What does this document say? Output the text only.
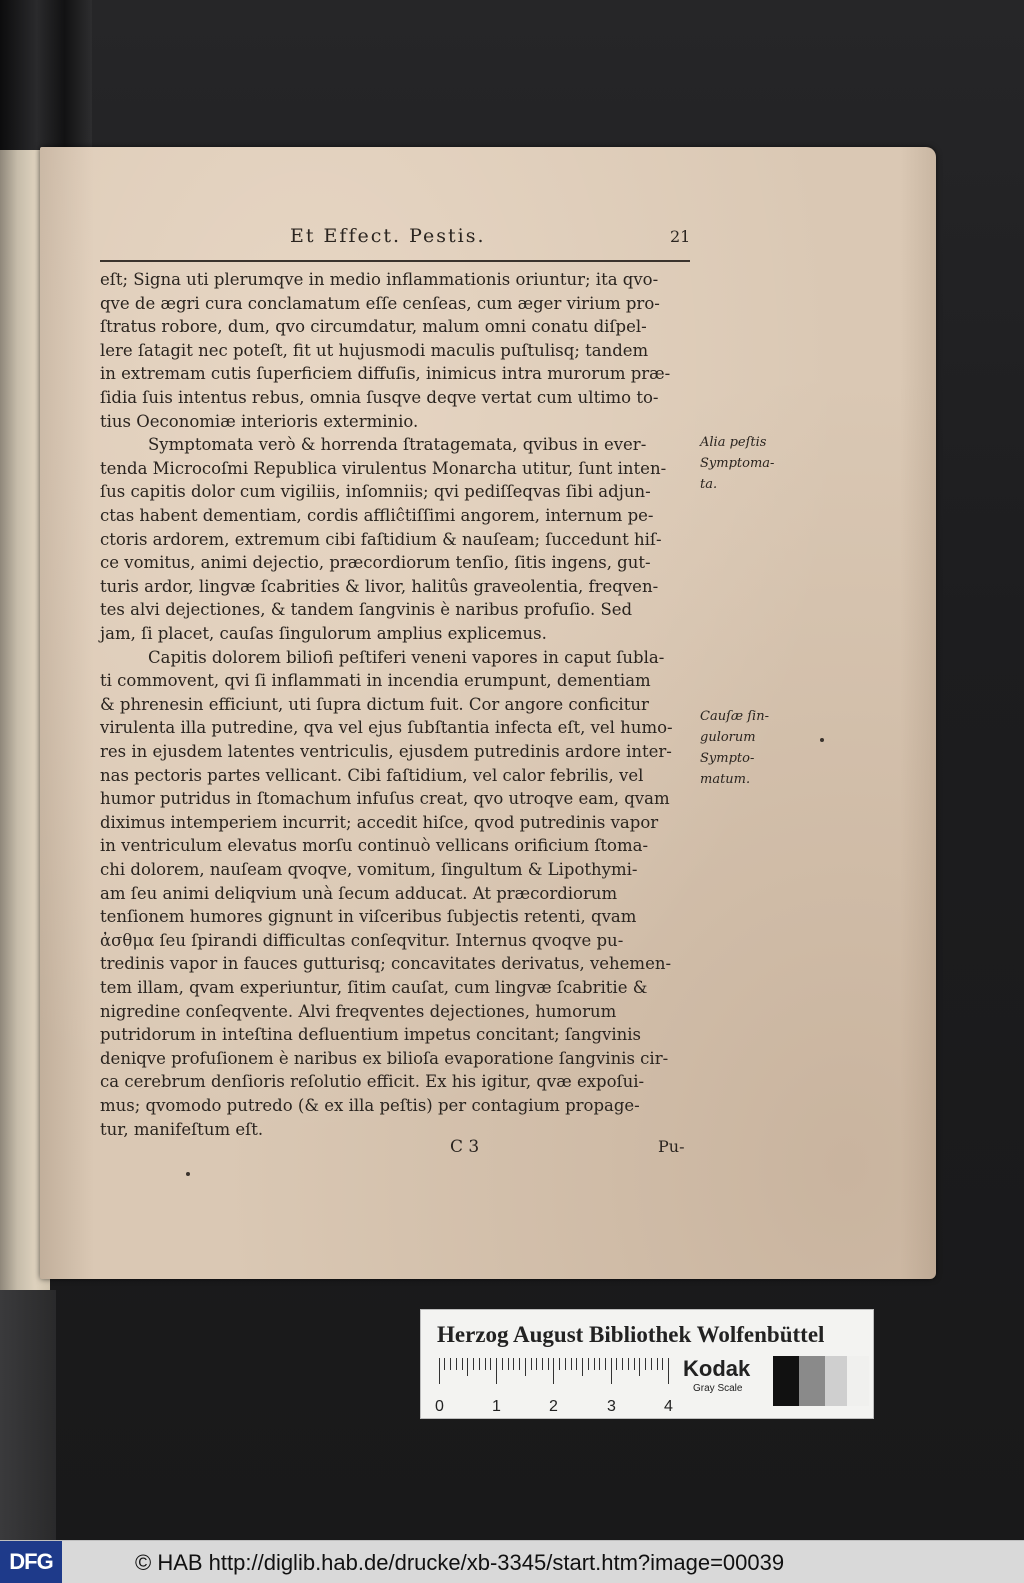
Et Effect. Pestis.	21
eſt; Signa uti plerumqve in medio inflammationis oriuntur; ita qvo-
qve de ægri cura conclamatum eſſe cenſeas, cum æger virium pro-
ſtratus robore, dum, qvo circumdatur, malum omni conatu diſpel-
lere ſatagit nec poteſt, fit ut hujusmodi maculis puſtulisq; tandem
in extremam cutis ſuperficiem diffuſis, inimicus intra murorum præ-
ſidia ſuis intentus rebus, omnia ſusqve deqve vertat cum ultimo to-
tius Oeconomiæ interioris exterminio.
Symptomata verò & horrenda ſtratagemata, qvibus in ever-
tenda Microcoſmi Republica virulentus Monarcha utitur, ſunt inten-
ſus capitis dolor cum vigiliis, inſomniis; qvi pediſſeqvas ſibi adjun-
ctas habent dementiam, cordis affliĉtiſſimi angorem, internum pe-
ctoris ardorem, extremum cibi faſtidium & nauſeam; ſuccedunt hiſ-
ce vomitus, animi dejectio, præcordiorum tenſio, ſitis ingens, gut-
turis ardor, lingvæ ſcabrities & livor, halitûs graveolentia, freqven-
tes alvi dejectiones, & tandem ſangvinis è naribus profuſio. Sed
jam, ſi placet, cauſas ſingulorum amplius explicemus.
Capitis dolorem biliofi peſtiferi veneni vapores in caput ſubla-
ti commovent, qvi ſi inflammati in incendia erumpunt, dementiam
& phrenesin efficiunt, uti ſupra dictum fuit. Cor angore conficitur
virulenta illa putredine, qva vel ejus ſubſtantia infecta eſt, vel humo-
res in ejusdem latentes ventriculis, ejusdem putredinis ardore inter-
nas pectoris partes vellicant. Cibi faſtidium, vel calor febrilis, vel
humor putridus in ſtomachum infuſus creat, qvo utroqve eam, qvam
diximus intemperiem incurrit; accedit hiſce, qvod putredinis vapor
in ventriculum elevatus morſu continuò vellicans orificium ſtoma-
chi dolorem, nauſeam qvoqve, vomitum, ſingultum & Lipothymi-
am ſeu animi deliqvium unà ſecum adducat. At præcordiorum
tenſionem humores gignunt in viſceribus ſubjectis retenti, qvam
ἀσθμα ſeu ſpirandi difficultas conſeqvitur. Internus qvoqve pu-
tredinis vapor in fauces gutturisq; concavitates derivatus, vehemen-
tem illam, qvam experiuntur, ſitim cauſat, cum lingvæ ſcabritie &
nigredine conſeqvente. Alvi freqventes dejectiones, humorum
putridorum in inteſtina defluentium impetus concitant; ſangvinis
deniqve profuſionem è naribus ex bilioſa evaporatione ſangvinis cir-
ca cerebrum denſioris reſolutio efficit. Ex his igitur, qvæ expoſui-
mus; qvomodo putredo (& ex illa peſtis) per contagium propage-
tur, manifeſtum eſt.
Alia peſtis
Symptoma-
ta.
Cauſæ ſin-
gulorum
Sympto-
matum.
C 3	Pu-
Herzog August Bibliothek Wolfenbüttel
0	1	2	3	4
Kodak
Gray Scale
DFG	© HAB http://diglib.hab.de/drucke/xb-3345/start.htm?image=00039
